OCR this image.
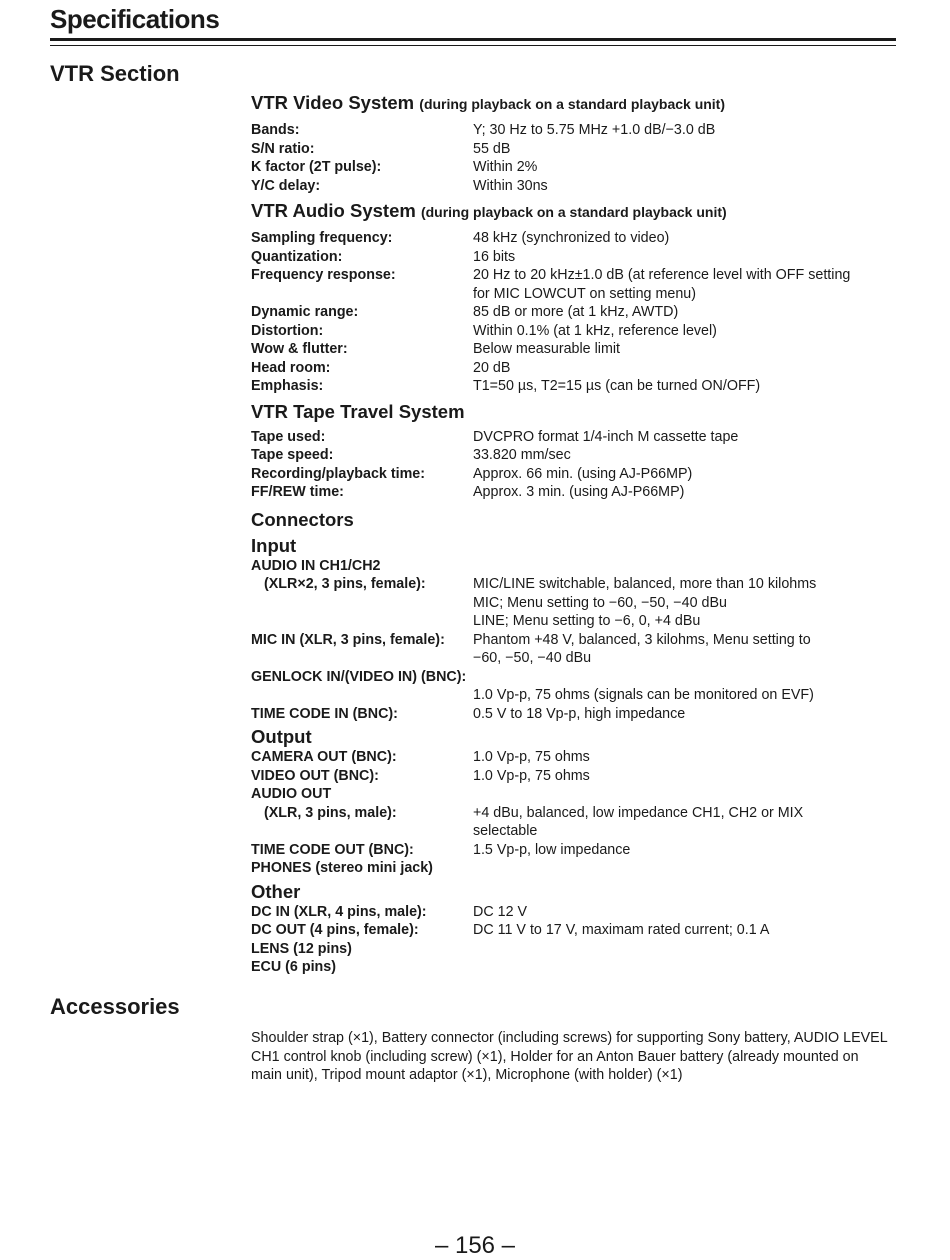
Specifications
VTR Section
VTR Video System (during playback on a standard playback unit)
Bands:	Y; 30 Hz to 5.75 MHz +1.0 dB/−3.0 dB
S/N ratio:	55 dB
K factor (2T pulse):	Within 2%
Y/C delay:	Within 30ns
VTR Audio System (during playback on a standard playback unit)
Sampling frequency:	48 kHz (synchronized to video)
Quantization:	16 bits
Frequency response:	20 Hz to 20 kHz±1.0 dB (at reference level with OFF setting
for MIC LOWCUT on setting menu)
Dynamic range:	85 dB or more (at 1 kHz, AWTD)
Distortion:	Within 0.1% (at 1 kHz, reference level)
Wow & flutter:	Below measurable limit
Head room:	20 dB
Emphasis:	T1=50 µs, T2=15 µs (can be turned ON/OFF)
VTR Tape Travel System
Tape used:	DVCPRO format 1/4-inch M cassette tape
Tape speed:	33.820 mm/sec
Recording/playback time:	Approx. 66 min. (using AJ-P66MP)
FF/REW time:	Approx. 3 min. (using AJ-P66MP)
Connectors
Input
AUDIO IN CH1/CH2
(XLR×2, 3 pins, female):	MIC/LINE switchable, balanced, more than 10 kilohms
MIC; Menu setting to −60, −50, −40 dBu
LINE; Menu setting to −6, 0, +4 dBu
MIC IN (XLR, 3 pins, female):	Phantom +48 V, balanced, 3 kilohms, Menu setting to
−60, −50, −40 dBu
GENLOCK IN/(VIDEO IN) (BNC):
1.0 Vp-p, 75 ohms (signals can be monitored on EVF)
TIME CODE IN (BNC):	0.5 V to 18 Vp-p, high impedance
Output
CAMERA OUT (BNC):	1.0 Vp-p, 75 ohms
VIDEO OUT (BNC):	1.0 Vp-p, 75 ohms
AUDIO OUT
(XLR, 3 pins, male):	+4 dBu, balanced, low impedance CH1, CH2 or MIX
selectable
TIME CODE OUT (BNC):	1.5 Vp-p, low impedance
PHONES (stereo mini jack)
Other
DC IN (XLR, 4 pins, male):	DC 12 V
DC OUT (4 pins, female):	DC 11 V to 17 V, maximam rated current; 0.1 A
LENS (12 pins)
ECU (6 pins)
Accessories
Shoulder strap (×1), Battery connector (including screws) for supporting Sony battery, AUDIO LEVEL CH1 control knob (including screw) (×1), Holder for an Anton Bauer battery (already mounted on main unit), Tripod mount adaptor (×1), Microphone (with holder) (×1)
– 156 –
